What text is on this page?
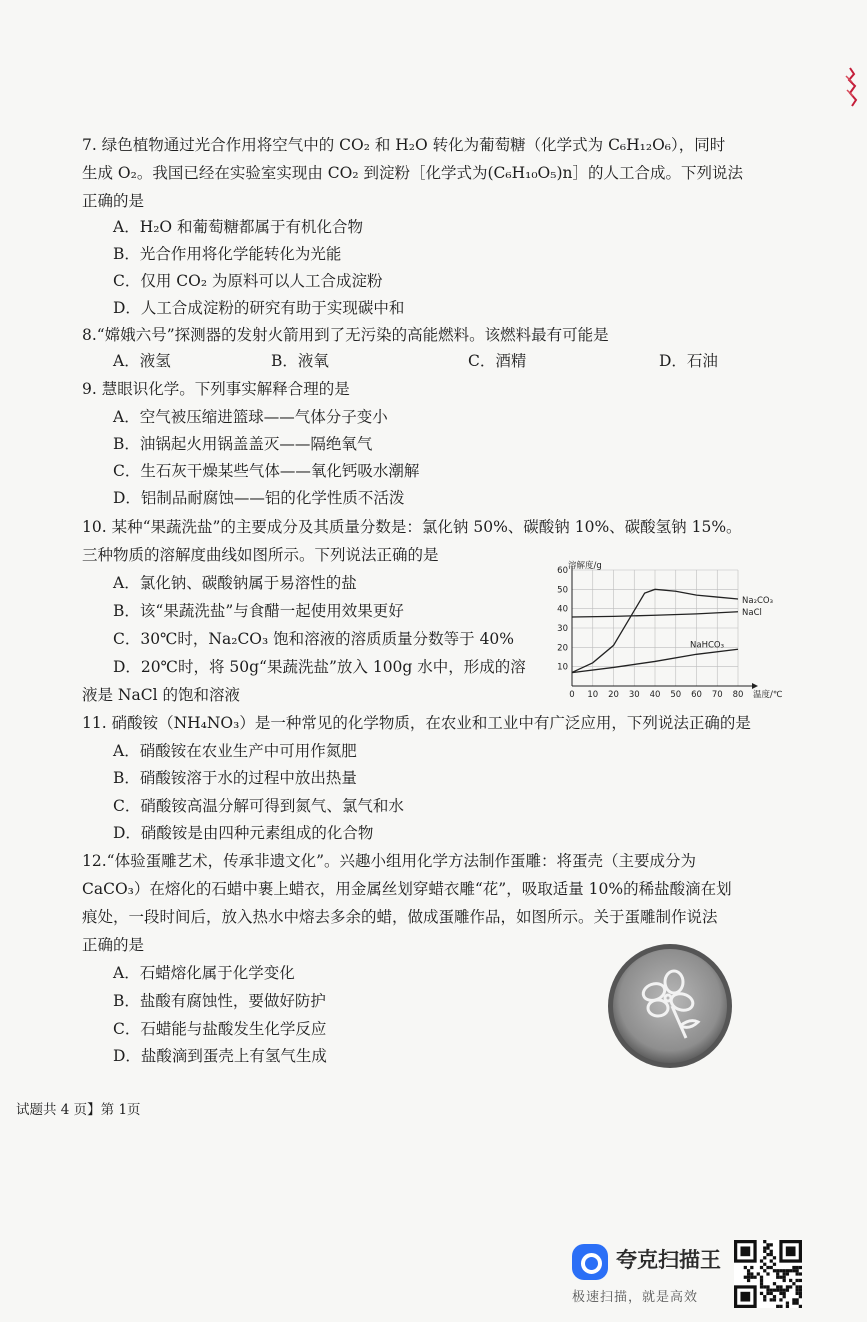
7. 绿色植物通过光合作用将空气中的 CO₂ 和 H₂O 转化为葡萄糖（化学式为 C₆H₁₂O₆），同时
生成 O₂。我国已经在实验室实现由 CO₂ 到淀粉［化学式为(C₆H₁₀O₅)n］的人工合成。下列说法
正确的是
A．H₂O 和葡萄糖都属于有机化合物
B．光合作用将化学能转化为光能
C．仅用 CO₂ 为原料可以人工合成淀粉
D．人工合成淀粉的研究有助于实现碳中和
8.“嫦娥六号”探测器的发射火箭用到了无污染的高能燃料。该燃料最有可能是
A．液氢	B．液氧	C．酒精	D．石油
9. 慧眼识化学。下列事实解释合理的是
A．空气被压缩进篮球——气体分子变小
B．油锅起火用锅盖盖灭——隔绝氧气
C．生石灰干燥某些气体——氧化钙吸水潮解
D．铝制品耐腐蚀——铝的化学性质不活泼
10. 某种“果蔬洗盐”的主要成分及其质量分数是：氯化钠 50%、碳酸钠 10%、碳酸氢钠 15%。
三种物质的溶解度曲线如图所示。下列说法正确的是
A．氯化钠、碳酸钠属于易溶性的盐
B．该“果蔬洗盐”与食醋一起使用效果更好
C．30℃时，Na₂CO₃ 饱和溶液的溶质质量分数等于 40%
D．20℃时，将 50g“果蔬洗盐”放入 100g 水中，形成的溶
液是 NaCl 的饱和溶液
10
20
30
40
50
60
0 10 20 30 40 50 60 70 80
溶解度/g
温度/℃
Na₂CO₃
NaCl
NaHCO₃
11. 硝酸铵（NH₄NO₃）是一种常见的化学物质，在农业和工业中有广泛应用，下列说法正确的是
A．硝酸铵在农业生产中可用作氮肥
B．硝酸铵溶于水的过程中放出热量
C．硝酸铵高温分解可得到氮气、氯气和水
D．硝酸铵是由四种元素组成的化合物
12.“体验蛋雕艺术，传承非遗文化”。兴趣小组用化学方法制作蛋雕：将蛋壳（主要成分为
CaCO₃）在熔化的石蜡中裹上蜡衣，用金属丝划穿蜡衣雕“花”，吸取适量 10%的稀盐酸滴在划
痕处，一段时间后，放入热水中熔去多余的蜡，做成蛋雕作品，如图所示。关于蛋雕制作说法
正确的是
A．石蜡熔化属于化学变化
B．盐酸有腐蚀性，要做好防护
C．石蜡能与盐酸发生化学反应
D．盐酸滴到蛋壳上有氢气生成
试题共 4 页】第 1页
夸克扫描王
极速扫描，就是高效
